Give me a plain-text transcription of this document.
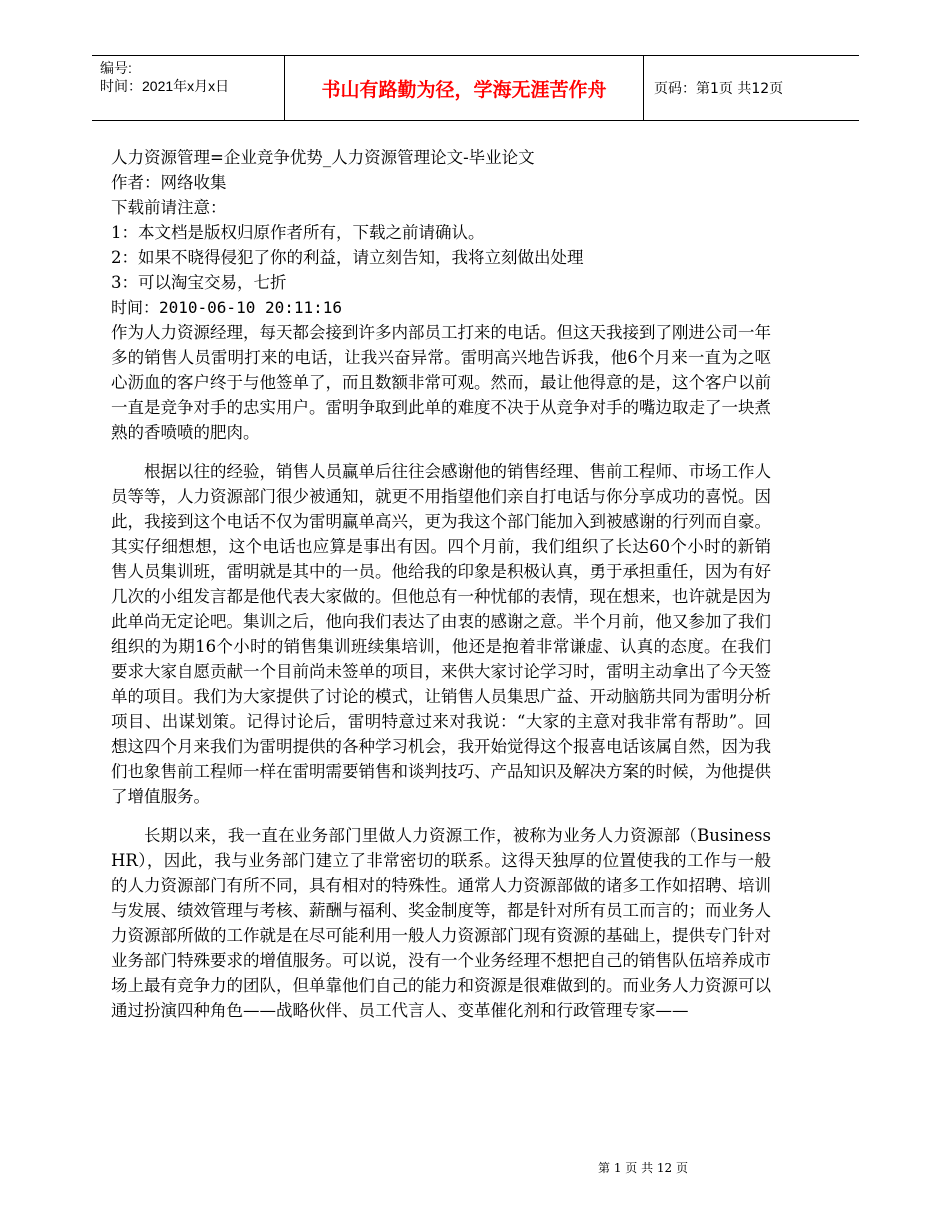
编号:
时间：2021年x月x日	书山有路勤为径，学海无涯苦作舟	页码：第1页 共12页
人力资源管理=企业竞争优势_人力资源管理论文-毕业论文
作者：网络收集
下载前请注意：
1：本文档是版权归原作者所有，下载之前请确认。
2：如果不晓得侵犯了你的利益，请立刻告知，我将立刻做出处理
3：可以淘宝交易，七折
时间：2010-06-10 20:11:16

作为人力资源经理，每天都会接到许多内部员工打来的电话。但这天我接到了刚进公司一年多的销售人员雷明打来的电话，让我兴奋异常。雷明高兴地告诉我，他6个月来一直为之呕心沥血的客户终于与他签单了，而且数额非常可观。然而，最让他得意的是，这个客户以前一直是竞争对手的忠实用户。雷明争取到此单的难度不决于从竞争对手的嘴边取走了一块煮熟的香喷喷的肥肉。

根据以往的经验，销售人员赢单后往往会感谢他的销售经理、售前工程师、市场工作人员等等，人力资源部门很少被通知，就更不用指望他们亲自打电话与你分享成功的喜悦。因此，我接到这个电话不仅为雷明赢单高兴，更为我这个部门能加入到被感谢的行列而自豪。其实仔细想想，这个电话也应算是事出有因。四个月前，我们组织了长达60个小时的新销售人员集训班，雷明就是其中的一员。他给我的印象是积极认真，勇于承担重任，因为有好几次的小组发言都是他代表大家做的。但他总有一种忧郁的表情，现在想来，也许就是因为此单尚无定论吧。集训之后，他向我们表达了由衷的感谢之意。半个月前，他又参加了我们组织的为期16个小时的销售集训班续集培训，他还是抱着非常谦虚、认真的态度。在我们要求大家自愿贡献一个目前尚未签单的项目，来供大家讨论学习时，雷明主动拿出了今天签单的项目。我们为大家提供了讨论的模式，让销售人员集思广益、开动脑筋共同为雷明分析项目、出谋划策。记得讨论后，雷明特意过来对我说：“大家的主意对我非常有帮助”。回想这四个月来我们为雷明提供的各种学习机会，我开始觉得这个报喜电话该属自然，因为我们也象售前工程师一样在雷明需要销售和谈判技巧、产品知识及解决方案的时候，为他提供了增值服务。

长期以来，我一直在业务部门里做人力资源工作，被称为业务人力资源部（Business HR），因此，我与业务部门建立了非常密切的联系。这得天独厚的位置使我的工作与一般的人力资源部门有所不同，具有相对的特殊性。通常人力资源部做的诸多工作如招聘、培训与发展、绩效管理与考核、薪酬与福利、奖金制度等，都是针对所有员工而言的；而业务人力资源部所做的工作就是在尽可能利用一般人力资源部门现有资源的基础上，提供专门针对业务部门特殊要求的增值服务。可以说，没有一个业务经理不想把自己的销售队伍培养成市场上最有竞争力的团队，但单靠他们自己的能力和资源是很难做到的。而业务人力资源可以通过扮演四种角色——战略伙伴、员工代言人、变革催化剂和行政管理专家——

第 1 页 共 12 页
